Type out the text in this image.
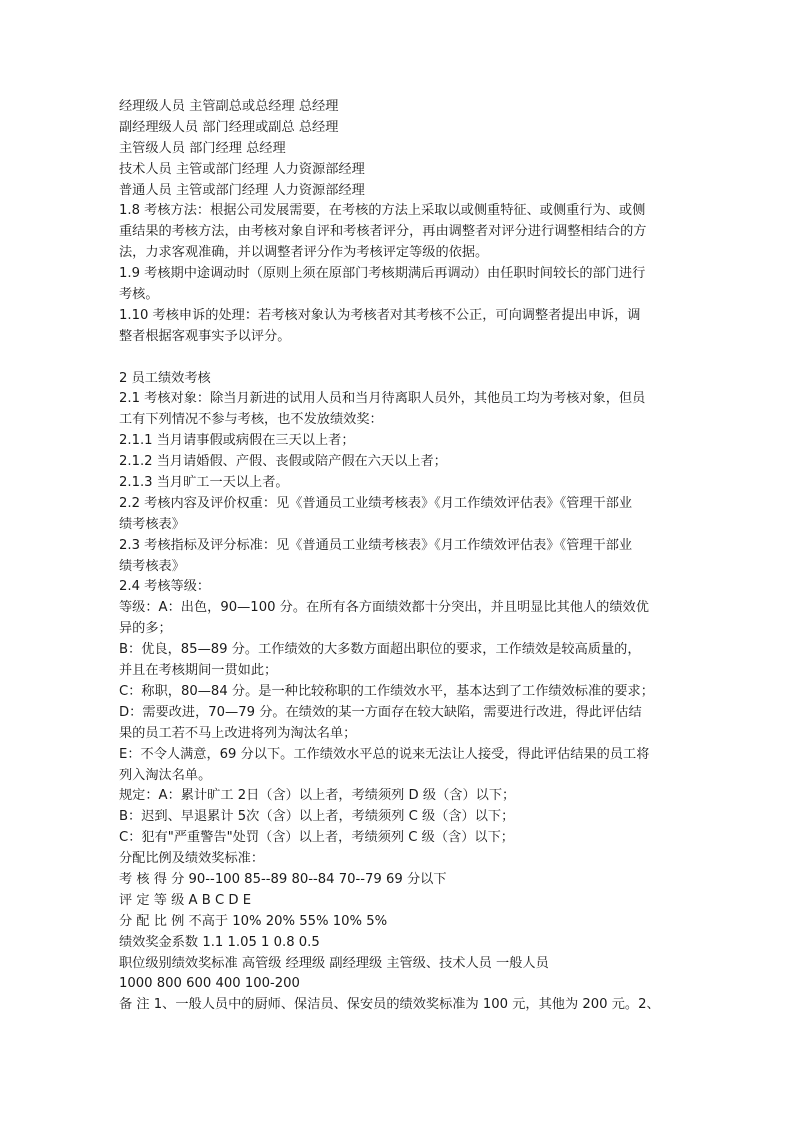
经理级人员 主管副总或总经理 总经理
副经理级人员 部门经理或副总 总经理
主管级人员 部门经理 总经理
技术人员 主管或部门经理 人力资源部经理
普通人员 主管或部门经理 人力资源部经理
1.8 考核方法：根据公司发展需要，在考核的方法上采取以或侧重特征、或侧重行为、或侧
重结果的考核方法，由考核对象自评和考核者评分，再由调整者对评分进行调整相结合的方
法，力求客观准确，并以调整者评分作为考核评定等级的依据。
1.9 考核期中途调动时（原则上须在原部门考核期满后再调动）由任职时间较长的部门进行
考核。
1.10 考核申诉的处理：若考核对象认为考核者对其考核不公正，可向调整者提出申诉，调
整者根据客观事实予以评分。
2 员工绩效考核
2.1 考核对象：除当月新进的试用人员和当月待离职人员外，其他员工均为考核对象，但员
工有下列情况不参与考核，也不发放绩效奖：
2.1.1 当月请事假或病假在三天以上者；
2.1.2 当月请婚假、产假、丧假或陪产假在六天以上者；
2.1.3 当月旷工一天以上者。
2.2 考核内容及评价权重：见《普通员工业绩考核表》《月工作绩效评估表》《管理干部业
绩考核表》
2.3 考核指标及评分标准：见《普通员工业绩考核表》《月工作绩效评估表》《管理干部业
绩考核表》
2.4 考核等级：
等级：A：出色，90—100 分。在所有各方面绩效都十分突出，并且明显比其他人的绩效优
异的多；
B：优良，85—89 分。工作绩效的大多数方面超出职位的要求，工作绩效是较高质量的，
并且在考核期间一贯如此；
C：称职，80—84 分。是一种比较称职的工作绩效水平，基本达到了工作绩效标准的要求；
D：需要改进，70—79 分。在绩效的某一方面存在较大缺陷，需要进行改进，得此评估结
果的员工若不马上改进将列为淘汰名单；
E：不令人满意，69 分以下。工作绩效水平总的说来无法让人接受，得此评估结果的员工将
列入淘汰名单。
规定：A：累计旷工 2日（含）以上者，考绩须列 D 级（含）以下；
B：迟到、早退累计 5次（含）以上者，考绩须列 C 级（含）以下；
C：犯有"严重警告"处罚（含）以上者，考绩须列 C 级（含）以下；
分配比例及绩效奖标准：
考 核 得 分 90--100 85--89 80--84 70--79 69 分以下
评 定 等 级 A B C D E
分 配 比 例 不高于 10% 20% 55% 10% 5%
绩效奖金系数 1.1 1.05 1 0.8 0.5
职位级别绩效奖标准 高管级 经理级 副经理级 主管级、技术人员 一般人员
1000 800 600 400 100-200
备 注 1、一般人员中的厨师、保洁员、保安员的绩效奖标准为 100 元，其他为 200 元。2、
